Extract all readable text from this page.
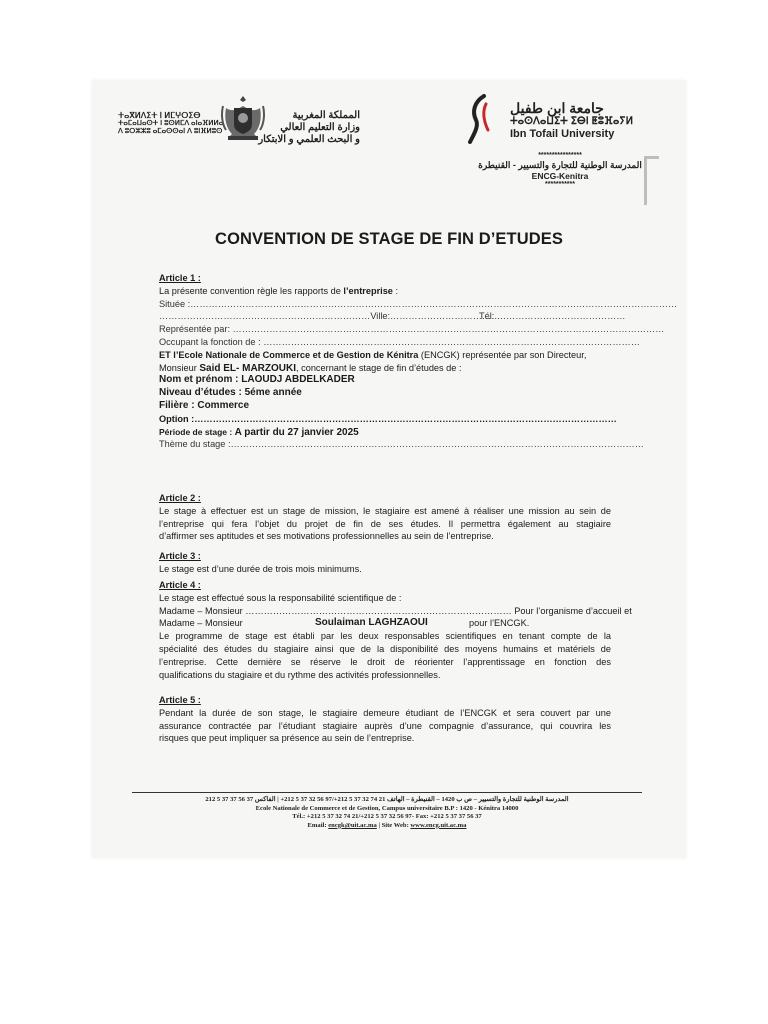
ⵜⴰⴳⵍⴷⵉⵜ ⵏ ⵍⵎⵖⵔⵉⴱ
ⵜⴰⵎⴰⵡⴰⵙⵜ ⵏ ⵓⵙⵍⵎⴷ ⴰⵏⴰⴼⵍⵍⴰ
ⴷ ⵓⵔⵣⵣⵓ ⴰⵎⴰⵙⵙⴰⵏ ⴷ ⵓⵏⴼⵍⵓⵙ
المملكة المغربية
وزارة التعليم العالي
و البحث العلمي و الابتكار
جامعة ابن طفيل
ⵜⴰⵙⴷⴰⵡⵉⵜ ⵉⴱⵏ ⵟⵓⴼⴰⵢⵍ
Ibn Tofail University
****************
المدرسة الوطنية للتجارة والتسيير - القنيطرة
ENCG-Kenitra
***********
CONVENTION DE STAGE DE FIN D’ETUDES
Article 1 :
La présente convention règle les rapports de l’entreprise :
Située :……………………………………………………………………………………………………………………………………………
……………………………………………………………Ville:………………………………
Tél: ……………………………………
Représentée par: ……………………………………………………………………………………………………………………………
Occupant la fonction de : ……………………………………………………………………………………………………………
ET l’Ecole Nationale de Commerce et de Gestion de Kénitra (ENCGK) représentée par son Directeur,
Monsieur Said EL- MARZOUKI, concernant le stage de fin d’études de :
Nom et prénom : LAOUDJ ABDELKADER
Niveau d’études : 5éme année
Filière : Commerce
Option :…………………………………………………………………………………………………………………………
Période de stage : A partir du 27 janvier 2025
Thème du stage :………………………………………………………………………………………………………………………
Article 2 :
Le stage à effectuer est un stage de mission, le stagiaire est amené à réaliser une mission au sein de
l’entreprise qui fera l’objet du projet de fin de ses études. Il permettra également au stagiaire
d’affirmer ses aptitudes et ses motivations professionnelles au sein de l’entreprise.
Article 3 :
Le stage est d’une durée de trois mois minimums.
Article 4 :
Le stage est effectué sous la responsabilité scientifique de :
Madame – Monsieur …………………………………………………………………………… Pour l’organisme d’accueil et
Madame – Monsieur	Soulaiman LAGHZAOUI	pour l’ENCGK.
Le programme de stage est établi par les deux responsables scientifiques en tenant compte de la
spécialité des études du stagiaire ainsi que de la disponibilité des moyens humains et matériels de
l’entreprise. Cette dernière se réserve le droit de réorienter l’apprentissage en fonction des
qualifications du stagiaire et du rythme des activités professionnelles.
Article 5 :
Pendant la durée de son stage, le stagiaire demeure étudiant de l’ENCGK et sera couvert par une
assurance contractée par l’étudiant stagiaire auprès d’une compagnie d’assurance, qui couvrira les
risques que peut impliquer sa présence au sein de l’entreprise.
المدرسة الوطنية للتجارة والتسيير – ص ب 1420 – القنيطرة – الهاتف 21 74 32 37 5 212+/97 56 32 37 5 212+ | الفاكس 37 56 37 37 5 212
Ecole Nationale de Commerce et de Gestion, Campus universitaire B.P : 1420 - Kénitra 14000
Tél.: +212 5 37 32 74 21/+212 5 37 32 56 97- Fax: +212 5 37 37 56 37
Email: encgk@uit.ac.ma | Site Web: www.encg.uit.ac.ma
